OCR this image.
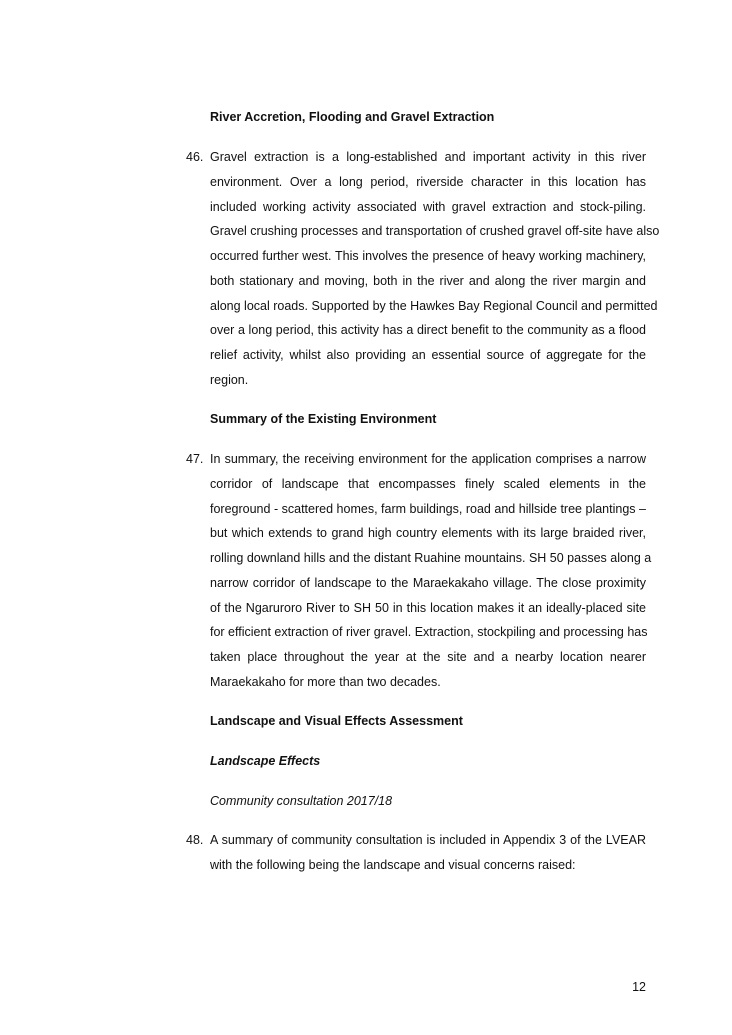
River Accretion, Flooding and Gravel Extraction
46. Gravel extraction is a long-established and important activity in this river
environment. Over a long period, riverside character in this location has
included working activity associated with gravel extraction and stock-piling.
Gravel crushing processes and transportation of crushed gravel off-site have also
occurred further west. This involves the presence of heavy working machinery,
both stationary and moving, both in the river and along the river margin and
along local roads. Supported by the Hawkes Bay Regional Council and permitted
over a long period, this activity has a direct benefit to the community as a flood
relief activity, whilst also providing an essential source of aggregate for the
region.
Summary of the Existing Environment
47. In summary, the receiving environment for the application comprises a narrow
corridor of landscape that encompasses finely scaled elements in the
foreground - scattered homes, farm buildings, road and hillside tree plantings –
but which extends to grand high country elements with its large braided river,
rolling downland hills and the distant Ruahine mountains. SH 50 passes along a
narrow corridor of landscape to the Maraekakaho village. The close proximity
of the Ngaruroro River to SH 50 in this location makes it an ideally-placed site
for efficient extraction of river gravel. Extraction, stockpiling and processing has
taken place throughout the year at the site and a nearby location nearer
Maraekakaho for more than two decades.
Landscape and Visual Effects Assessment
Landscape Effects
Community consultation 2017/18
48. A summary of community consultation is included in Appendix 3 of the LVEAR
with the following being the landscape and visual concerns raised:
12
